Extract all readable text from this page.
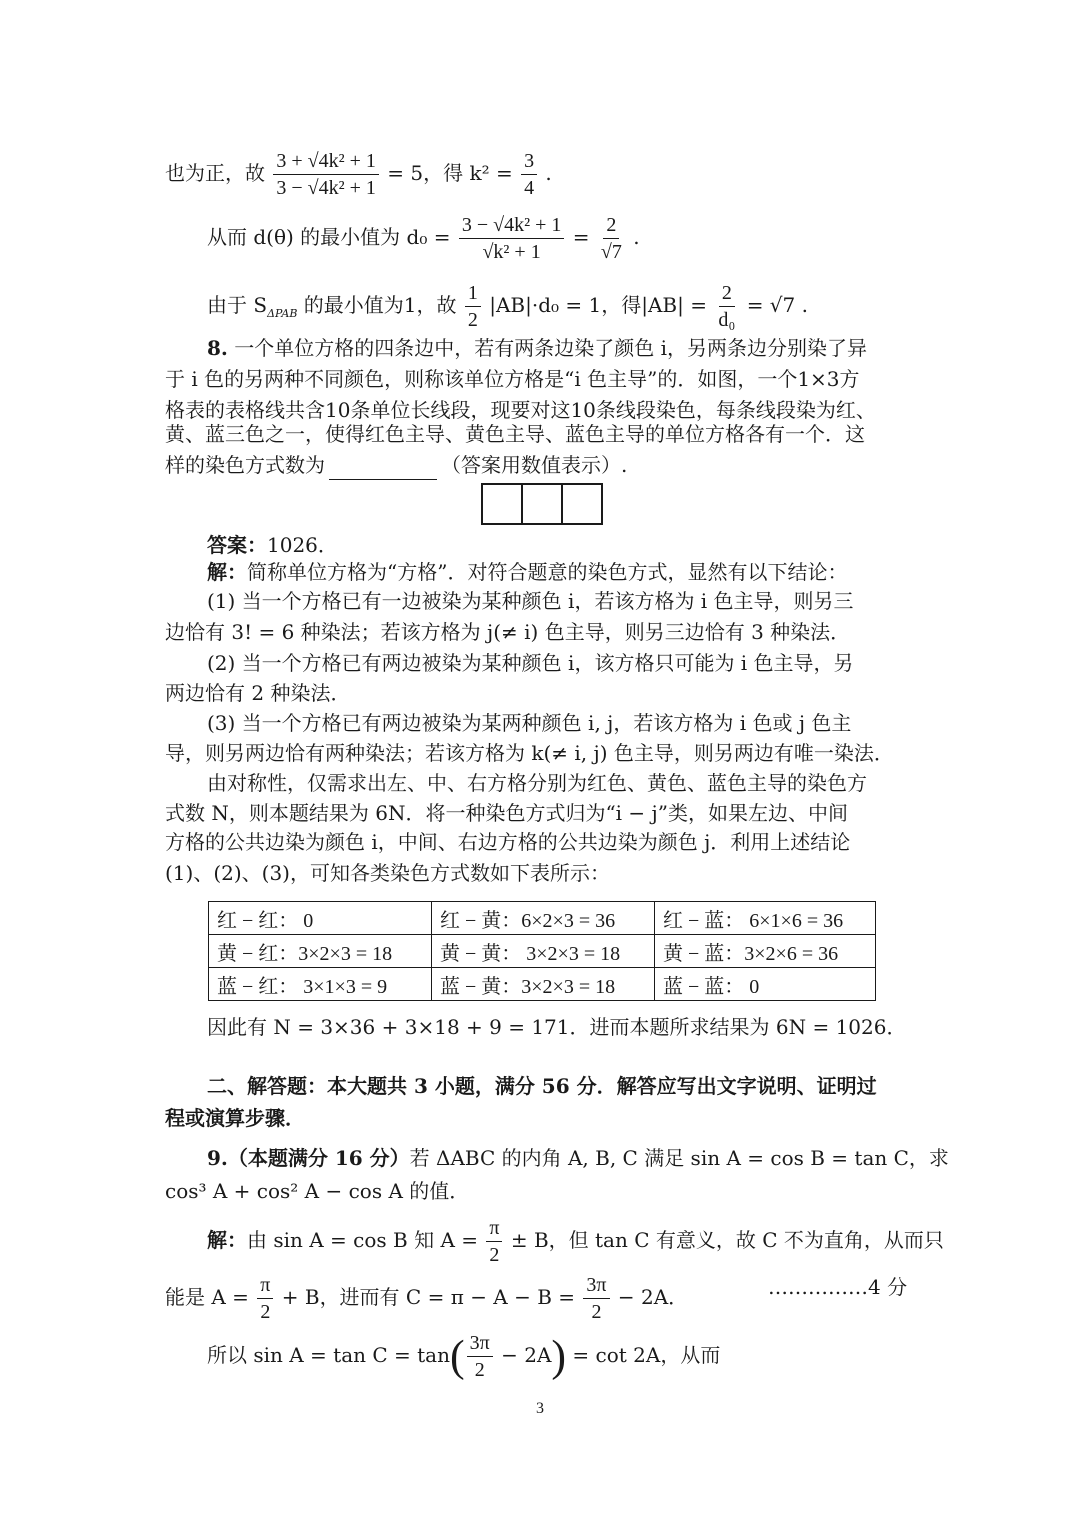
也为正，故 $\frac{\text{3 + √4k² + 1}}{\text{3 − √4k² + 1}} = 5$，得 $k^2 = \frac{3}{4}$ .
从而 d(θ) 的最小值为 $d_0 = \frac{\text{3 − √4k² + 1}}{\text{√k² + 1}} = \frac{2}{√7}$ .
由于 $S_{\Delta PAB}$ 的最小值为1，故 $\frac{1}{2} |AB|\cdot d_0 = 1$，得$|AB| = \frac{2}{\text{d₀}} = √7$ .
8. 一个单位方格的四条边中，若有两条边染了颜色 i，另两条边分别染了异
于 i 色的另两种不同颜色，则称该单位方格是“i 色主导”的．如图，一个1×3方
格表的表格线共含10条单位长线段，现要对这10条线段染色，每条线段染为红、
黄、蓝三色之一，使得红色主导、黄色主导、蓝色主导的单位方格各有一个．这
样的染色方式数为	（答案用数值表示）.
答案：1026．
解：简称单位方格为“方格”．对符合题意的染色方式，显然有以下结论：
(1) 当一个方格已有一边被染为某种颜色 i，若该方格为 i 色主导，则另三
边恰有 3! = 6 种染法；若该方格为 j(≠ i) 色主导，则另三边恰有 3 种染法．
(2) 当一个方格已有两边被染为某种颜色 i，该方格只可能为 i 色主导，另
两边恰有 2 种染法．
(3) 当一个方格已有两边被染为某两种颜色 i, j，若该方格为 i 色或 j 色主
导，则另两边恰有两种染法；若该方格为 k(≠ i, j) 色主导，则另两边有唯一染法．
由对称性，仅需求出左、中、右方格分别为红色、黄色、蓝色主导的染色方
式数 N，则本题结果为 6N．将一种染色方式归为“i − j”类，如果左边、中间
方格的公共边染为颜色 i，中间、右边方格的公共边染为颜色 j．利用上述结论
(1)、(2)、(3)，可知各类染色方式数如下表所示：
红 − 红： 0	红 − 黄：6×2×3 = 36	红 − 蓝： 6×1×6 = 36
黄 − 红：3×2×3 = 18	黄 − 黄： 3×2×3 = 18	黄 − 蓝：3×2×6 = 36
蓝 − 红： 3×1×3 = 9	蓝 − 黄：3×2×3 = 18	蓝 − 蓝： 0
因此有 N = 3×36 + 3×18 + 9 = 171．进而本题所求结果为 6N = 1026．
二、解答题：本大题共 3 小题，满分 56 分．解答应写出文字说明、证明过
程或演算步骤．
9.（本题满分 16 分）若 ΔABC 的内角 A, B, C 满足 sin A = cos B = tan C，求
cos³ A + cos² A − cos A 的值．
解：由 sin A = cos B 知 $A = \frac{\pi}{2} \pm B$，但 tan C 有意义，故 C 不为直角，从而只
能是 $A = \frac{\pi}{2} + B$，进而有 $C = \pi - A - B = \frac{3\pi}{2} - 2A$．	……………4 分
所以 $\sin A = \tan C = \tan( \frac{3\pi}{2} - 2A) = \cot 2A$，从而
3
